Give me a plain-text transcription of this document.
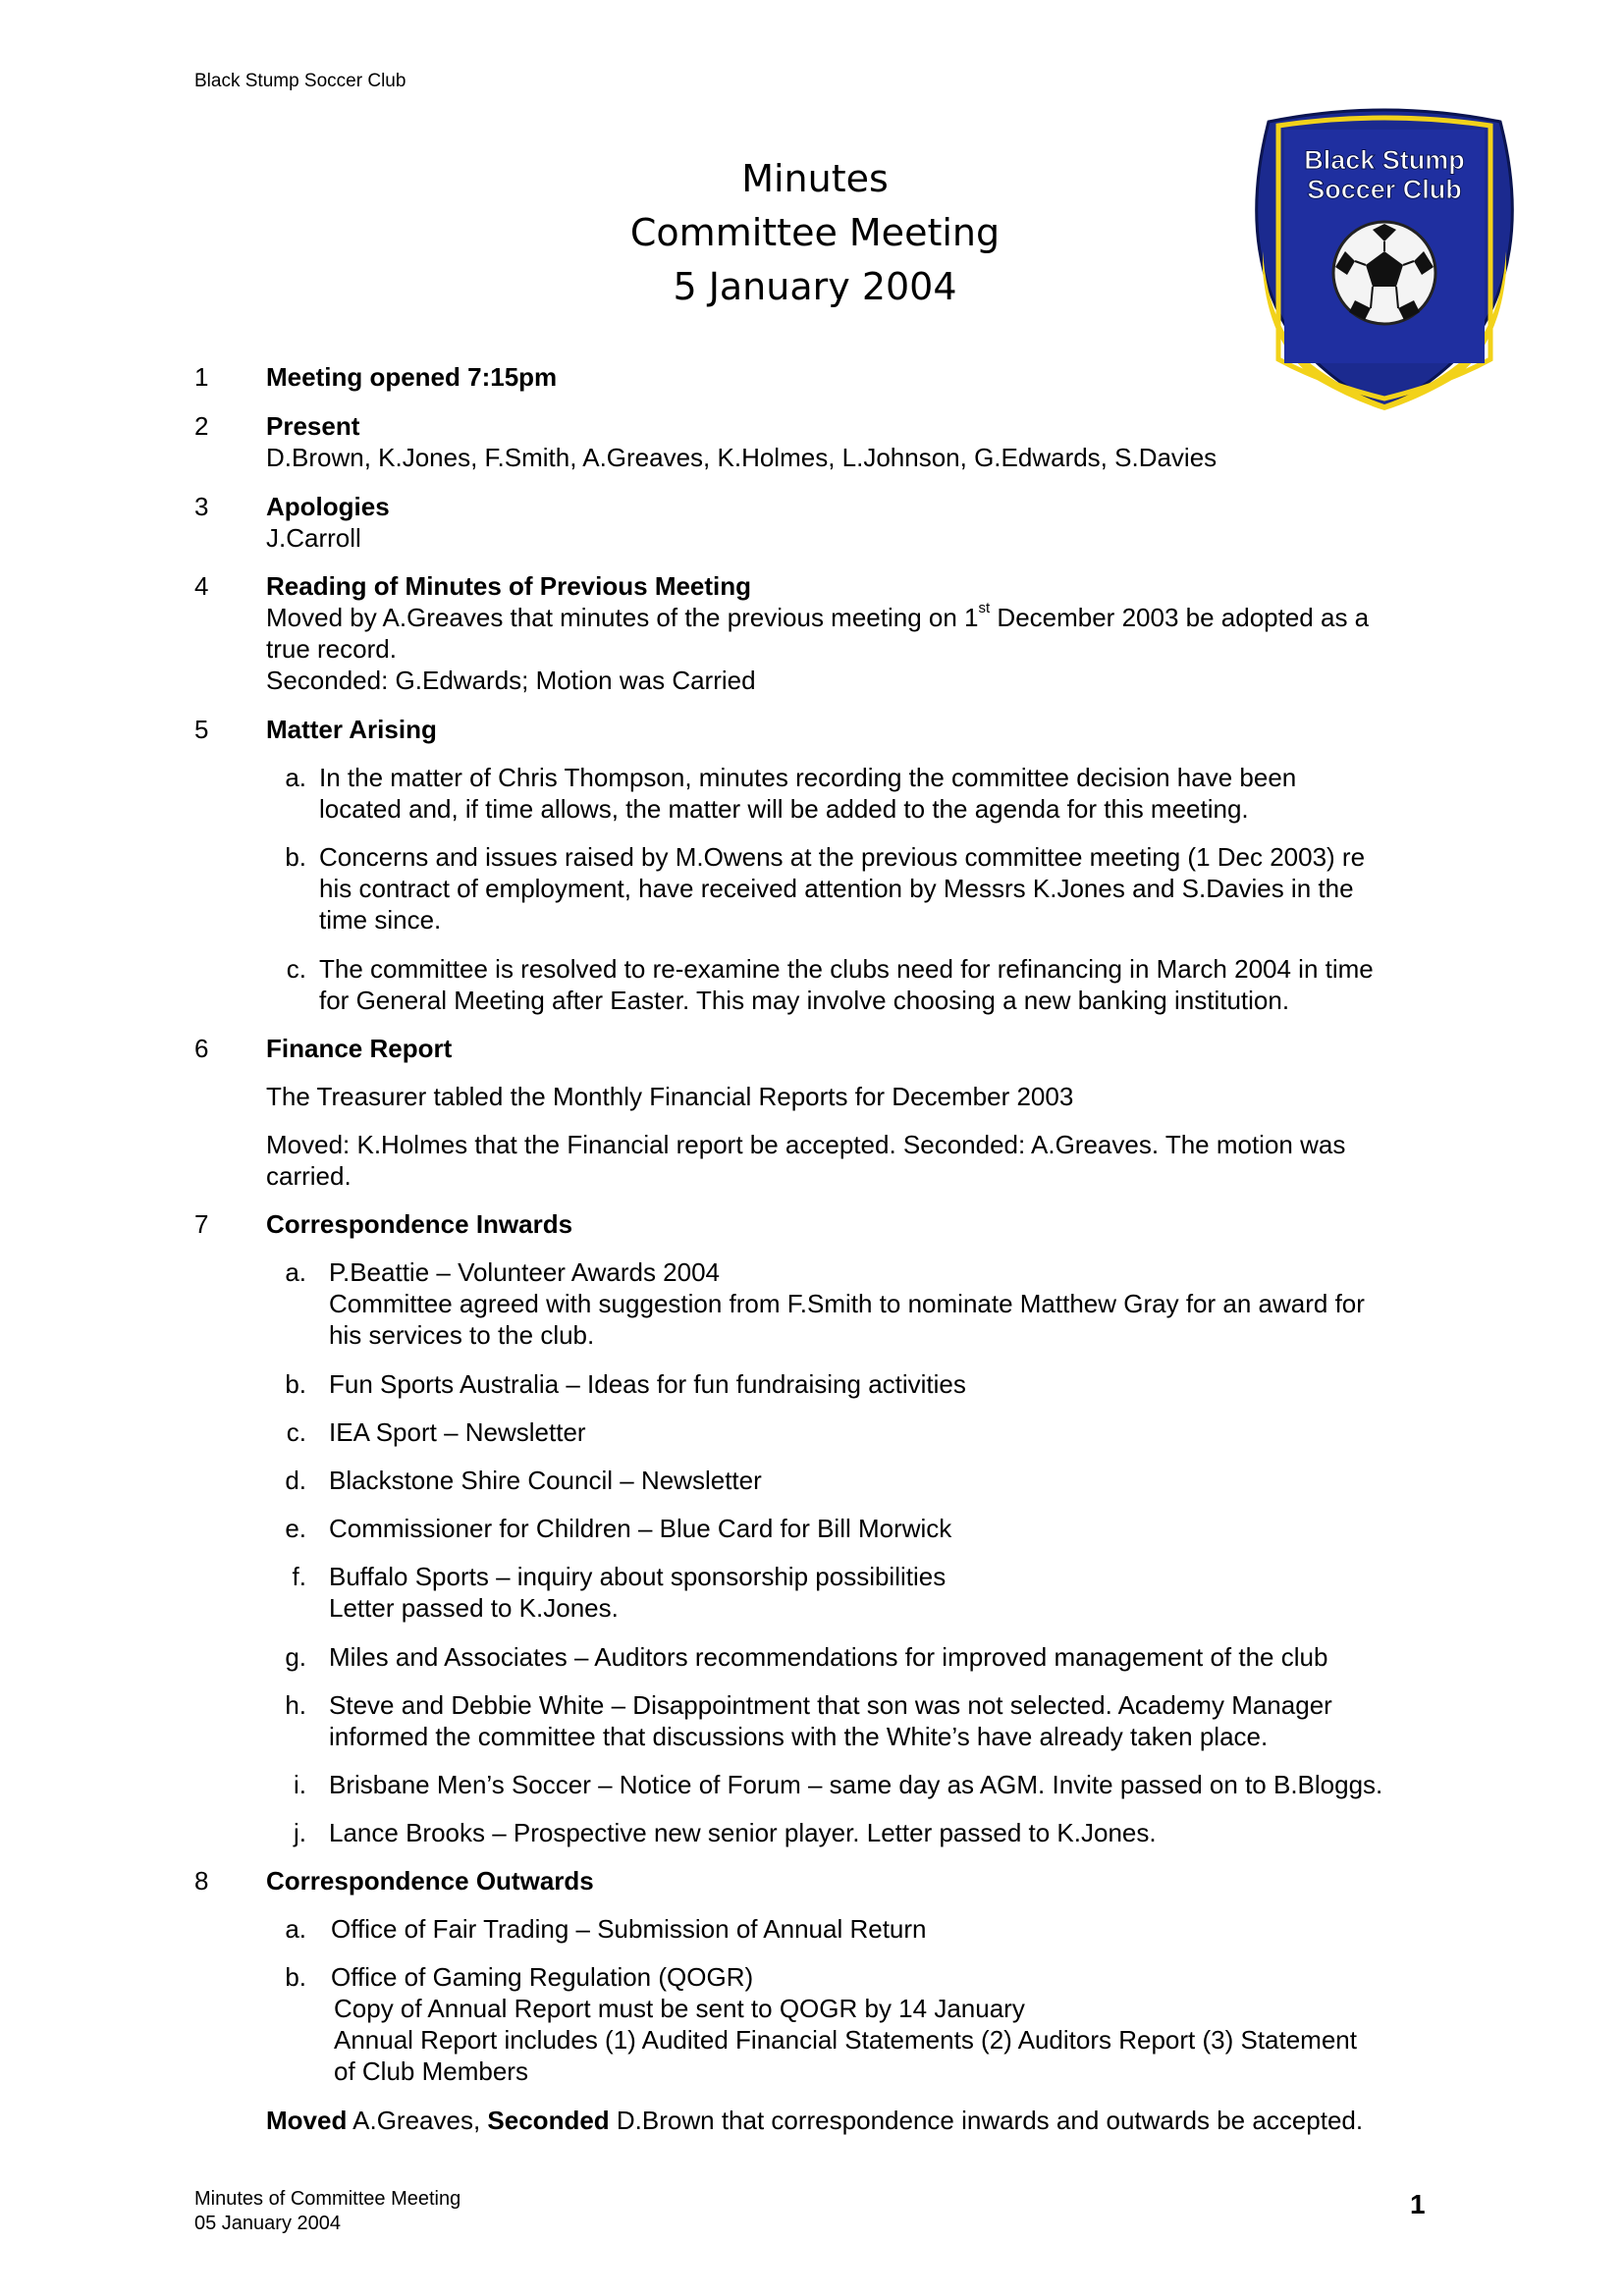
Black Stump Soccer Club
Minutes
Committee Meeting
5 January 2004
Black Stump
Soccer Club
1 Meeting opened 7:15pm
2 Present
D.Brown, K.Jones, F.Smith, A.Greaves, K.Holmes, L.Johnson, G.Edwards, S.Davies
3 Apologies
J.Carroll
4 Reading of Minutes of Previous Meeting
Moved by A.Greaves that minutes of the previous meeting on 1st December 2003 be adopted as a
true record.
Seconded: G.Edwards; Motion was Carried
5 Matter Arising
a. In the matter of Chris Thompson, minutes recording the committee decision have been
located and, if time allows, the matter will be added to the agenda for this meeting.
b. Concerns and issues raised by M.Owens at the previous committee meeting (1 Dec 2003) re
his contract of employment, have received attention by Messrs K.Jones and S.Davies in the
time since.
c. The committee is resolved to re-examine the clubs need for refinancing in March 2004 in time
for General Meeting after Easter. This may involve choosing a new banking institution.
6 Finance Report
The Treasurer tabled the Monthly Financial Reports for December 2003
Moved: K.Holmes that the Financial report be accepted. Seconded: A.Greaves. The motion was
carried.
7 Correspondence Inwards
a. P.Beattie – Volunteer Awards 2004
Committee agreed with suggestion from F.Smith to nominate Matthew Gray for an award for
his services to the club.
b. Fun Sports Australia – Ideas for fun fundraising activities
c. IEA Sport – Newsletter
d. Blackstone Shire Council – Newsletter
e. Commissioner for Children – Blue Card for Bill Morwick
f. Buffalo Sports – inquiry about sponsorship possibilities
Letter passed to K.Jones.
g. Miles and Associates – Auditors recommendations for improved management of the club
h. Steve and Debbie White – Disappointment that son was not selected. Academy Manager
informed the committee that discussions with the White’s have already taken place.
i. Brisbane Men’s Soccer – Notice of Forum – same day as AGM. Invite passed on to B.Bloggs.
j. Lance Brooks – Prospective new senior player. Letter passed to K.Jones.
8 Correspondence Outwards
a. Office of Fair Trading – Submission of Annual Return
b. Office of Gaming Regulation (QOGR)
Copy of Annual Report must be sent to QOGR by 14 January
Annual Report includes (1) Audited Financial Statements (2) Auditors Report (3) Statement
of Club Members
Moved A.Greaves, Seconded D.Brown that correspondence inwards and outwards be accepted.
Minutes of Committee Meeting
05 January 2004
1
